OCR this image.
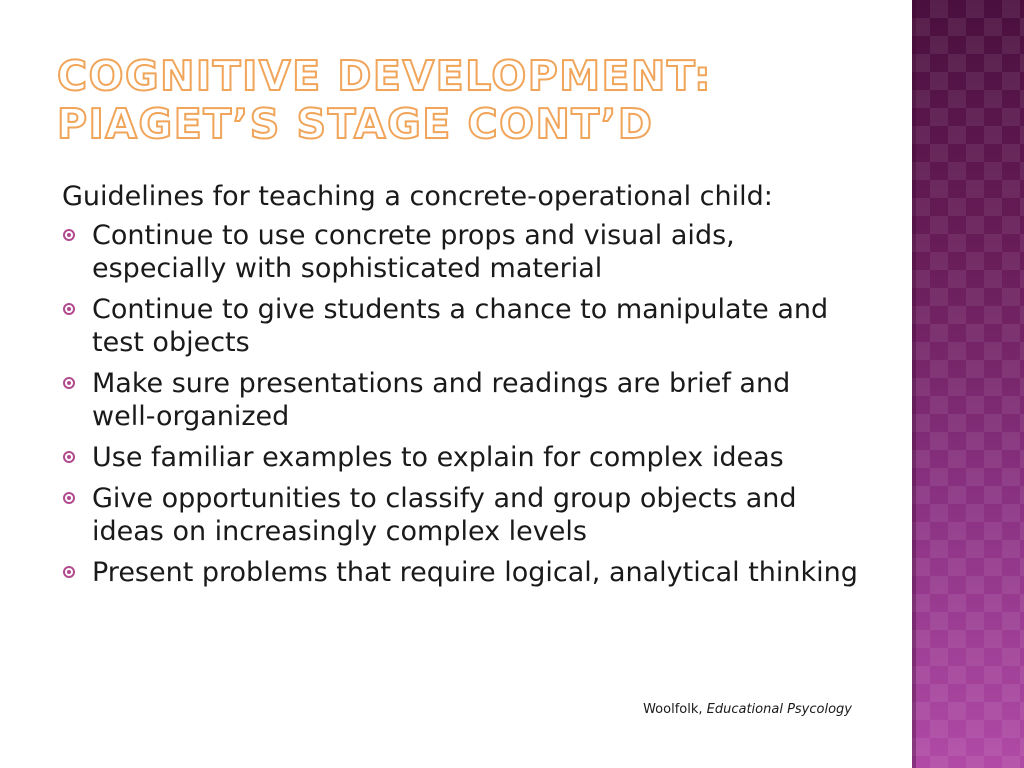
COGNITIVE DEVELOPMENT:
PIAGET’S STAGE CONT’D

Guidelines for teaching a concrete-operational child:

Continue to use concrete props and visual aids, especially with sophisticated material
Continue to give students a chance to manipulate and test objects
Make sure presentations and readings are brief and well-organized
Use familiar examples to explain for complex ideas
Give opportunities to classify and group objects and ideas on increasingly complex levels
Present problems that require logical, analytical thinking
Woolfolk, Educational Psycology
